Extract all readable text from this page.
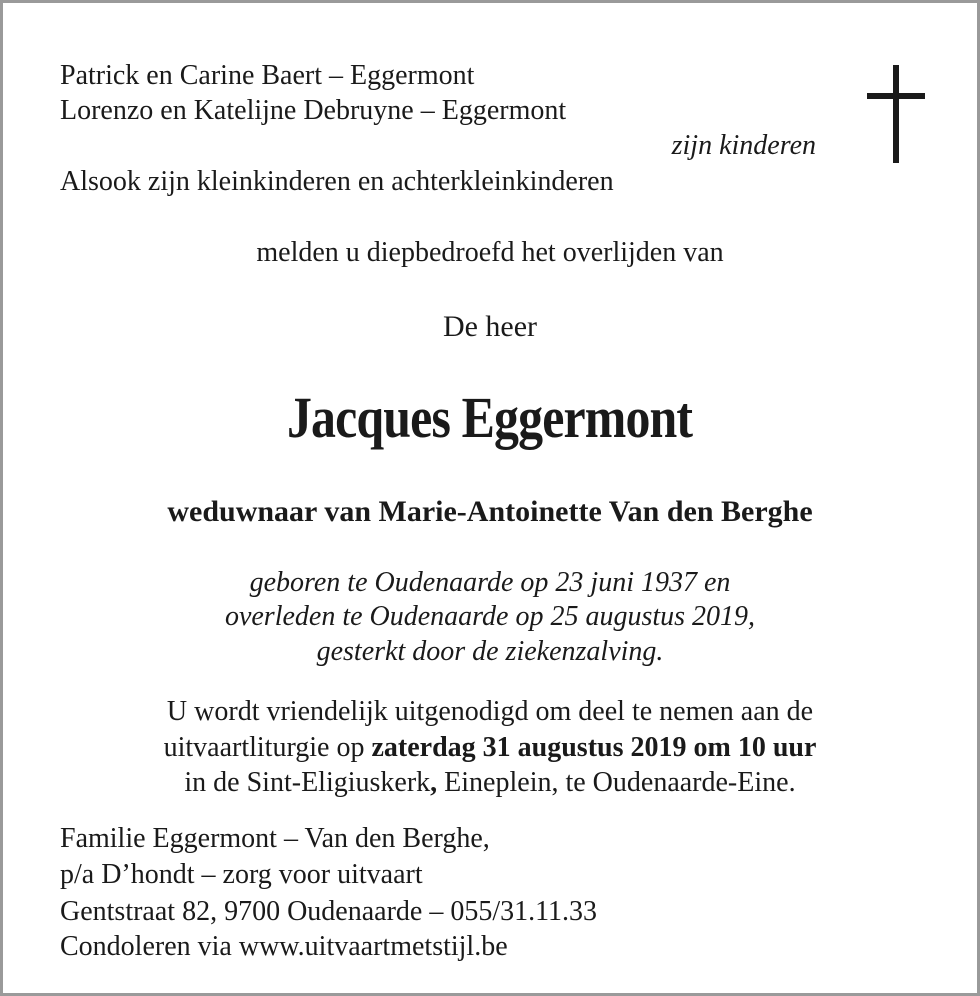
Patrick en Carine Baert – Eggermont
Lorenzo en Katelijne Debruyne – Eggermont
zijn kinderen
Alsook zijn kleinkinderen en achterkleinkinderen
melden u diepbedroefd het overlijden van
De heer
Jacques Eggermont
weduwnaar van Marie-Antoinette Van den Berghe
geboren te Oudenaarde op 23 juni 1937 en
overleden te Oudenaarde op 25 augustus 2019,
gesterkt door de ziekenzalving.
U wordt vriendelijk uitgenodigd om deel te nemen aan de
uitvaartliturgie op zaterdag 31 augustus 2019 om 10 uur
in de Sint-Eligiuskerk, Eineplein, te Oudenaarde-Eine.
Familie Eggermont – Van den Berghe,
p/a D’hondt – zorg voor uitvaart
Gentstraat 82, 9700 Oudenaarde – 055/31.11.33
Condoleren via www.uitvaartmetstijl.be
